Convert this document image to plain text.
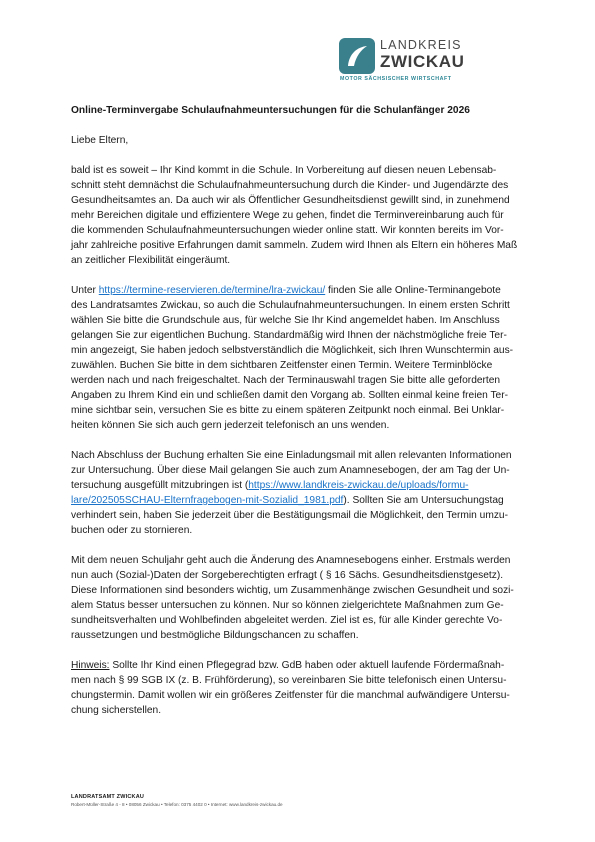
LANDKREIS
ZWICKAU
MOTOR SÄCHSISCHER WIRTSCHAFT
Online-Terminvergabe Schulaufnahmeuntersuchungen für die Schulanfänger 2026
Liebe Eltern,
bald ist es soweit – Ihr Kind kommt in die Schule. In Vorbereitung auf diesen neuen Lebensab-
schnitt steht demnächst die Schulaufnahmeuntersuchung durch die Kinder- und Jugendärzte des
Gesundheitsamtes an. Da auch wir als Öffentlicher Gesundheitsdienst gewillt sind, in zunehmend
mehr Bereichen digitale und effizientere Wege zu gehen, findet die Terminvereinbarung auch für
die kommenden Schulaufnahmeuntersuchungen wieder online statt. Wir konnten bereits im Vor-
jahr zahlreiche positive Erfahrungen damit sammeln. Zudem wird Ihnen als Eltern ein höheres Maß
an zeitlicher Flexibilität eingeräumt.
Unter https://termine-reservieren.de/termine/lra-zwickau/ finden Sie alle Online-Terminangebote
des Landratsamtes Zwickau, so auch die Schulaufnahmeuntersuchungen. In einem ersten Schritt
wählen Sie bitte die Grundschule aus, für welche Sie Ihr Kind angemeldet haben. Im Anschluss
gelangen Sie zur eigentlichen Buchung. Standardmäßig wird Ihnen der nächstmögliche freie Ter-
min angezeigt, Sie haben jedoch selbstverständlich die Möglichkeit, sich Ihren Wunschtermin aus-
zuwählen. Buchen Sie bitte in dem sichtbaren Zeitfenster einen Termin. Weitere Terminblöcke
werden nach und nach freigeschaltet. Nach der Terminauswahl tragen Sie bitte alle geforderten
Angaben zu Ihrem Kind ein und schließen damit den Vorgang ab. Sollten einmal keine freien Ter-
mine sichtbar sein, versuchen Sie es bitte zu einem späteren Zeitpunkt noch einmal. Bei Unklar-
heiten können Sie sich auch gern jederzeit telefonisch an uns wenden.
Nach Abschluss der Buchung erhalten Sie eine Einladungsmail mit allen relevanten Informationen
zur Untersuchung. Über diese Mail gelangen Sie auch zum Anamnesebogen, der am Tag der Un-
tersuchung ausgefüllt mitzubringen ist (https://www.landkreis-zwickau.de/uploads/formu-
lare/202505SCHAU-Elternfragebogen-mit-Sozialid_1981.pdf). Sollten Sie am Untersuchungstag
verhindert sein, haben Sie jederzeit über die Bestätigungsmail die Möglichkeit, den Termin umzu-
buchen oder zu stornieren.
Mit dem neuen Schuljahr geht auch die Änderung des Anamnesebogens einher. Erstmals werden
nun auch (Sozial-)Daten der Sorgeberechtigten erfragt ( § 16 Sächs. Gesundheitsdienstgesetz).
Diese Informationen sind besonders wichtig, um Zusammenhänge zwischen Gesundheit und sozi-
alem Status besser untersuchen zu können. Nur so können zielgerichtete Maßnahmen zum Ge-
sundheitsverhalten und Wohlbefinden abgeleitet werden. Ziel ist es, für alle Kinder gerechte Vo-
raussetzungen und bestmögliche Bildungschancen zu schaffen.
Hinweis: Sollte Ihr Kind einen Pflegegrad bzw. GdB haben oder aktuell laufende Fördermaßnah-
men nach § 99 SGB IX (z. B. Frühförderung), so vereinbaren Sie bitte telefonisch einen Untersu-
chungstermin. Damit wollen wir ein größeres Zeitfenster für die manchmal aufwändigere Untersu-
chung sicherstellen.
LANDRATSAMT ZWICKAU
Robert-Müller-Straße 4 - 8 • 08056 Zwickau • Telefon: 0375 4402 0 • Internet: www.landkreis-zwickau.de
